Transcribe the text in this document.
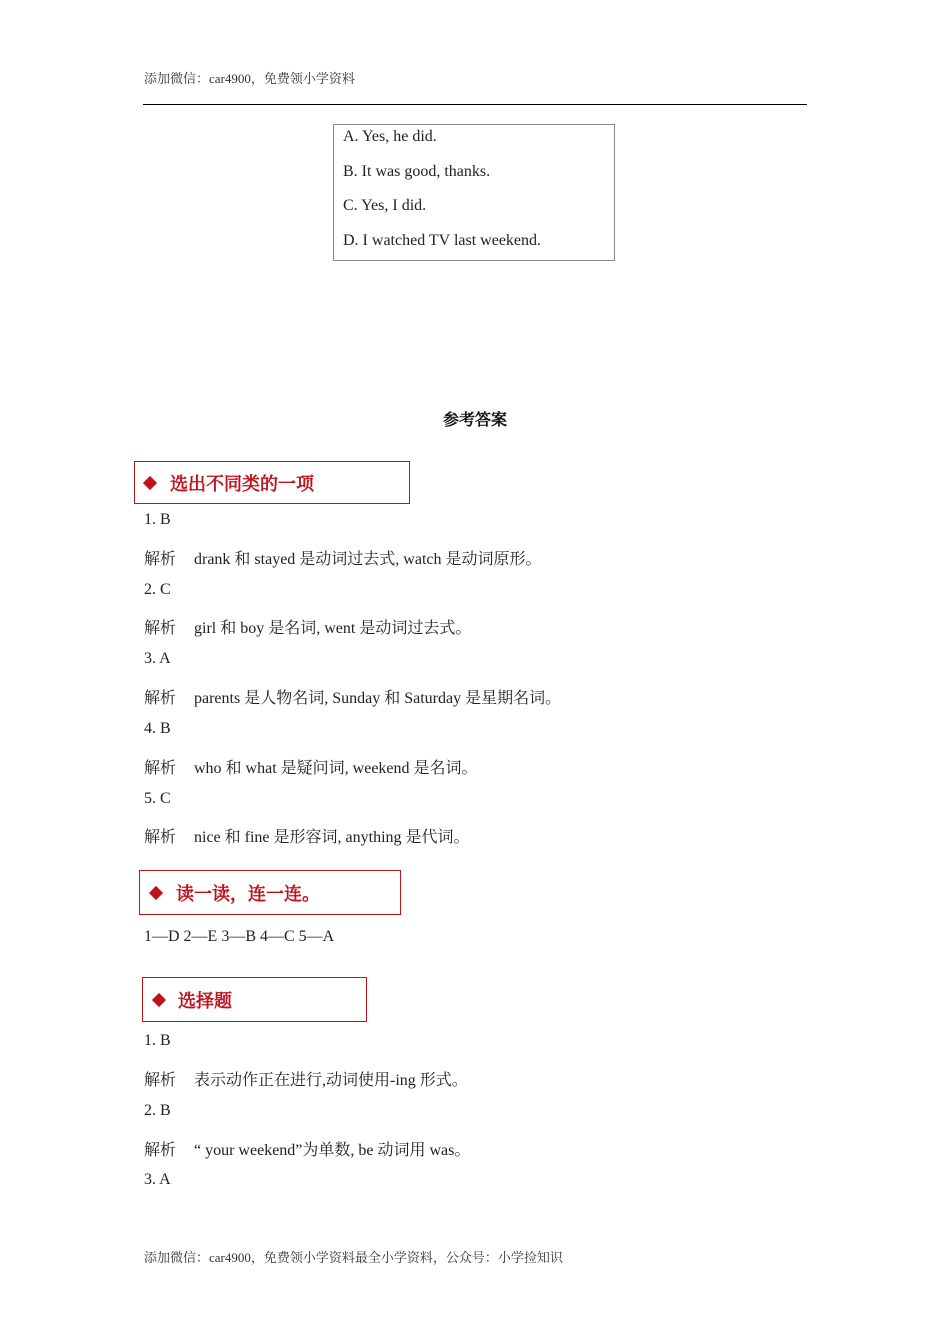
添加微信：car4900，免费领小学资料
A. Yes, he did.
B. It was good, thanks.
C. Yes, I did.
D. I watched TV last weekend.
参考答案
选出不同类的一项
1. B
解析 drank 和 stayed 是动词过去式, watch 是动词原形。
2. C
解析 girl 和 boy 是名词, went 是动词过去式。
3. A
解析 parents 是人物名词, Sunday 和 Saturday 是星期名词。
4. B
解析 who 和 what 是疑问词, weekend 是名词。
5. C
解析 nice 和 fine 是形容词, anything 是代词。
读一读，连一连。
1—D 2—E 3—B 4—C 5—A
选择题
1. B
解析 表示动作正在进行,动词使用-ing 形式。
2. B
解析 “ your weekend”为单数, be 动词用 was。
3. A
添加微信：car4900，免费领小学资料最全小学资料，公众号：小学捡知识
